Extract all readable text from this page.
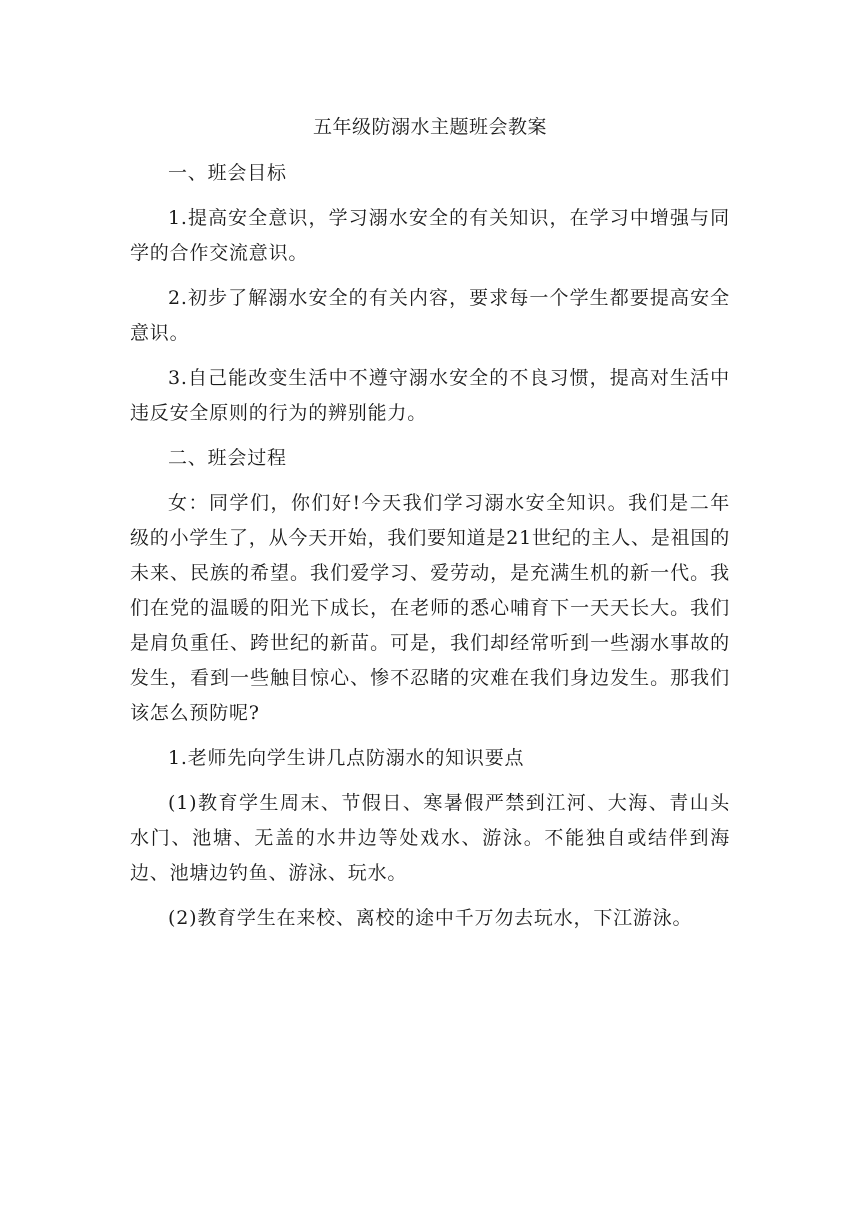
五年级防溺水主题班会教案

一、班会目标

1.提高安全意识，学习溺水安全的有关知识，在学习中增强与同学的合作交流意识。

2.初步了解溺水安全的有关内容，要求每一个学生都要提高安全意识。

3.自己能改变生活中不遵守溺水安全的不良习惯，提高对生活中违反安全原则的行为的辨别能力。

二、班会过程

女：同学们，你们好!今天我们学习溺水安全知识。我们是二年级的小学生了，从今天开始，我们要知道是21世纪的主人、是祖国的未来、民族的希望。我们爱学习、爱劳动，是充满生机的新一代。我们在党的温暖的阳光下成长，在老师的悉心哺育下一天天长大。我们是肩负重任、跨世纪的新苗。可是，我们却经常听到一些溺水事故的发生，看到一些触目惊心、惨不忍睹的灾难在我们身边发生。那我们该怎么预防呢?

1.老师先向学生讲几点防溺水的知识要点

(1)教育学生周末、节假日、寒暑假严禁到江河、大海、青山头水门、池塘、无盖的水井边等处戏水、游泳。不能独自或结伴到海边、池塘边钓鱼、游泳、玩水。

(2)教育学生在来校、离校的途中千万勿去玩水，下江游泳。
